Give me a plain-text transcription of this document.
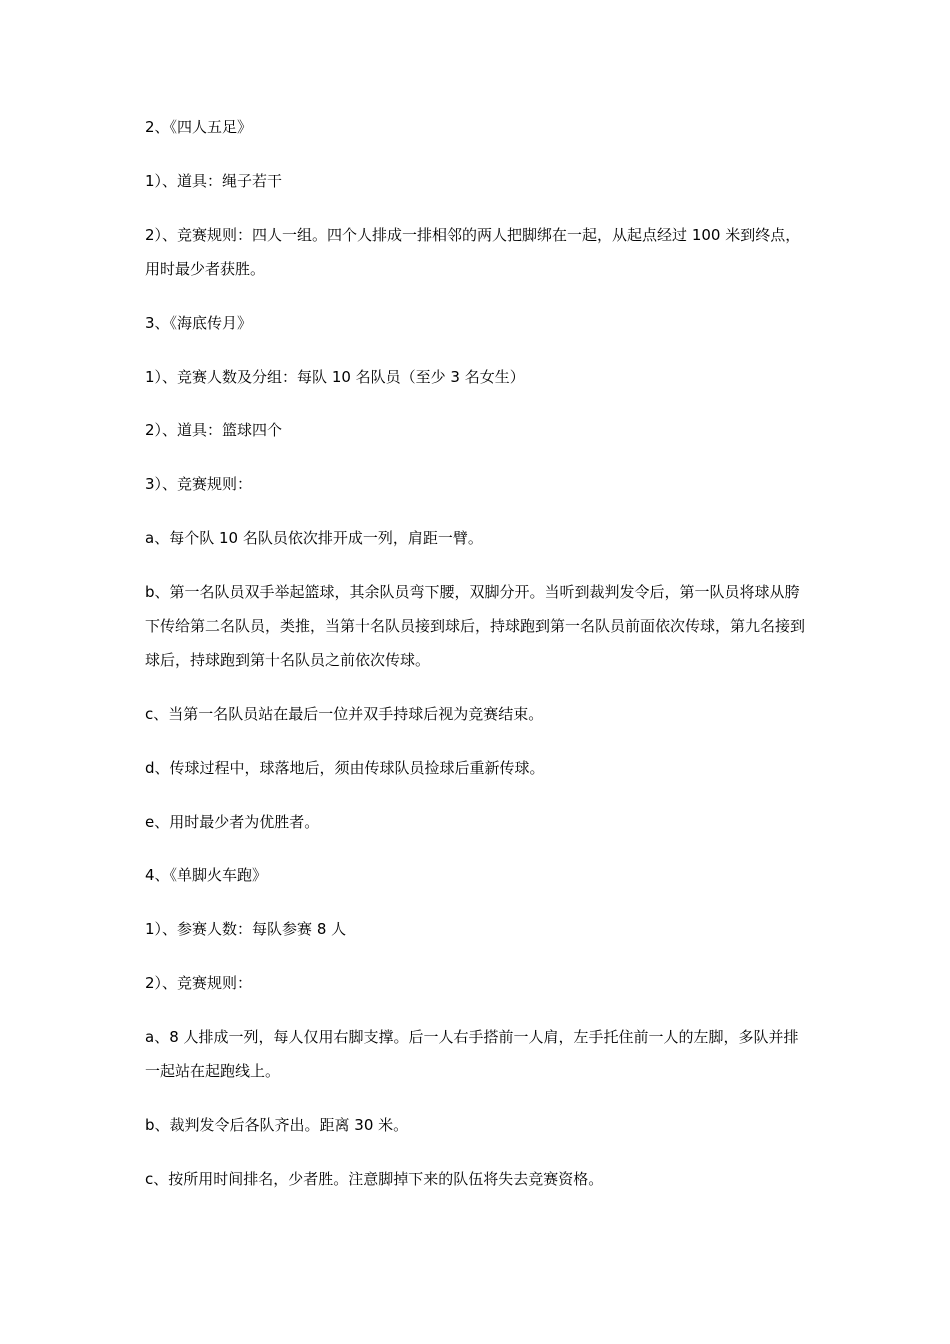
2、《四人五足》

1）、道具：绳子若干

2）、竞赛规则：四人一组。四个人排成一排相邻的两人把脚绑在一起，从起点经过 100 米到终点，用时最少者获胜。

3、《海底传月》

1）、竞赛人数及分组：每队 10 名队员（至少 3 名女生）

2）、道具：篮球四个

3）、竞赛规则：

a、每个队 10 名队员依次排开成一列，肩距一臂。

b、第一名队员双手举起篮球，其余队员弯下腰，双脚分开。当听到裁判发令后，第一队员将球从胯下传给第二名队员，类推，当第十名队员接到球后，持球跑到第一名队员前面依次传球，第九名接到球后，持球跑到第十名队员之前依次传球。

c、当第一名队员站在最后一位并双手持球后视为竞赛结束。

d、传球过程中，球落地后，须由传球队员捡球后重新传球。

e、用时最少者为优胜者。

4、《单脚火车跑》

1）、参赛人数：每队参赛 8 人

2）、竞赛规则：

a、8 人排成一列，每人仅用右脚支撑。后一人右手搭前一人肩，左手托住前一人的左脚，多队并排一起站在起跑线上。

b、裁判发令后各队齐出。距离 30 米。

c、按所用时间排名，少者胜。注意脚掉下来的队伍将失去竞赛资格。
